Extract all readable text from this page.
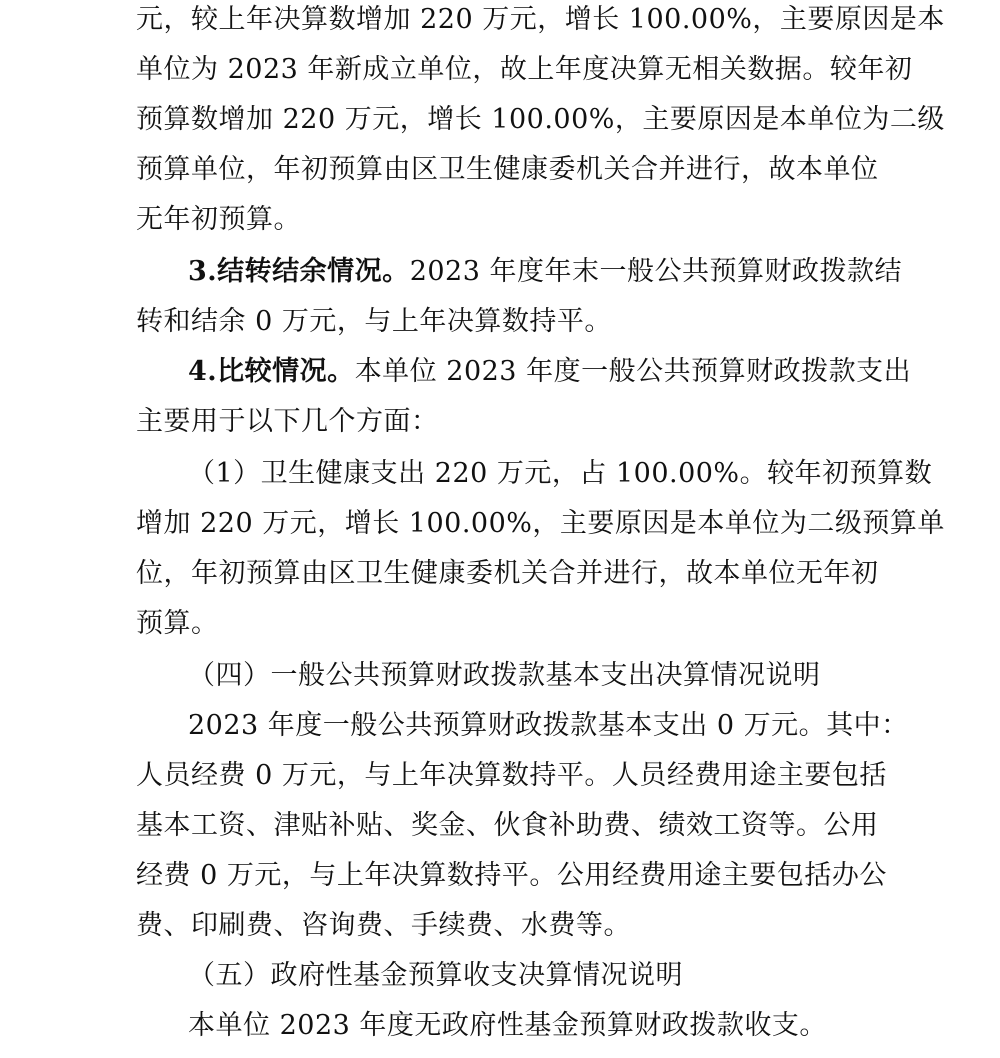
元，较上年决算数增加 220 万元，增长 100.00%，主要原因是本
单位为 2023 年新成立单位，故上年度决算无相关数据。较年初
预算数增加 220 万元，增长 100.00%，主要原因是本单位为二级
预算单位，年初预算由区卫生健康委机关合并进行，故本单位
无年初预算。
3.结转结余情况。2023 年度年末一般公共预算财政拨款结
转和结余 0 万元，与上年决算数持平。
4.比较情况。本单位 2023 年度一般公共预算财政拨款支出
主要用于以下几个方面：
（1）卫生健康支出 220 万元，占 100.00%。较年初预算数
增加 220 万元，增长 100.00%，主要原因是本单位为二级预算单
位，年初预算由区卫生健康委机关合并进行，故本单位无年初
预算。
（四）一般公共预算财政拨款基本支出决算情况说明
2023 年度一般公共预算财政拨款基本支出 0 万元。其中：
人员经费 0 万元，与上年决算数持平。人员经费用途主要包括
基本工资、津贴补贴、奖金、伙食补助费、绩效工资等。公用
经费 0 万元，与上年决算数持平。公用经费用途主要包括办公
费、印刷费、咨询费、手续费、水费等。
（五）政府性基金预算收支决算情况说明
本单位 2023 年度无政府性基金预算财政拨款收支。
